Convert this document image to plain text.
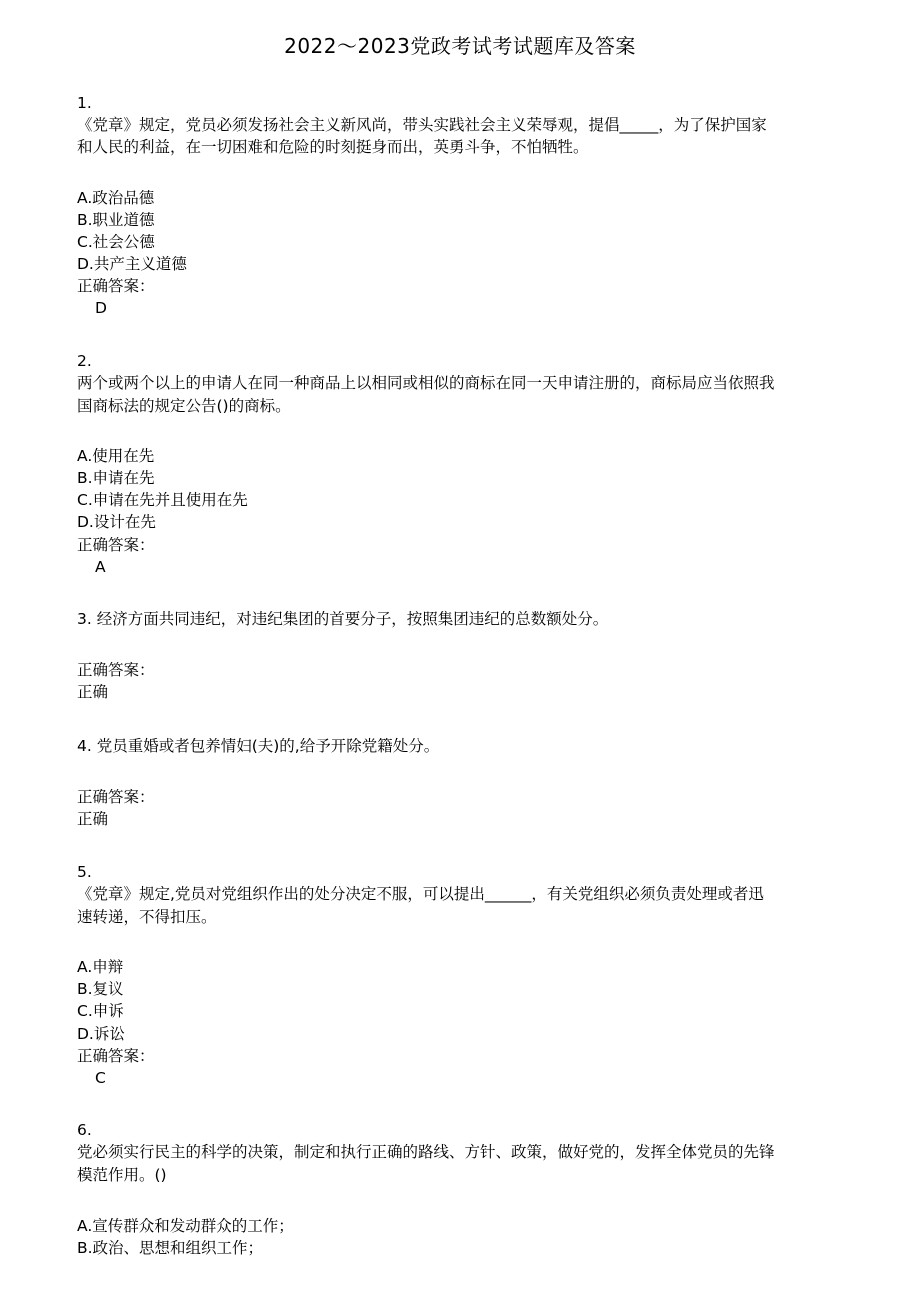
2022～2023党政考试考试题库及答案
1.
《党章》规定，党员必须发扬社会主义新风尚，带头实践社会主义荣辱观，提倡_____，为了保护国家
和人民的利益，在一切困难和危险的时刻挺身而出，英勇斗争，不怕牺牲。
A.政治品德
B.职业道德
C.社会公德
D.共产主义道德
正确答案：
D
2.
两个或两个以上的申请人在同一种商品上以相同或相似的商标在同一天申请注册的，商标局应当依照我
国商标法的规定公告()的商标。
A.使用在先
B.申请在先
C.申请在先并且使用在先
D.设计在先
正确答案：
A
3. 经济方面共同违纪，对违纪集团的首要分子，按照集团违纪的总数额处分。
正确答案：
正确
4. 党员重婚或者包养情妇(夫)的,给予开除党籍处分。
正确答案：
正确
5.
《党章》规定,党员对党组织作出的处分决定不服，可以提出______，有关党组织必须负责处理或者迅
速转递，不得扣压。
A.申辩
B.复议
C.申诉
D.诉讼
正确答案：
C
6.
党必须实行民主的科学的决策，制定和执行正确的路线、方针、政策，做好党的，发挥全体党员的先锋
模范作用。()
A.宣传群众和发动群众的工作；
B.政治、思想和组织工作；
